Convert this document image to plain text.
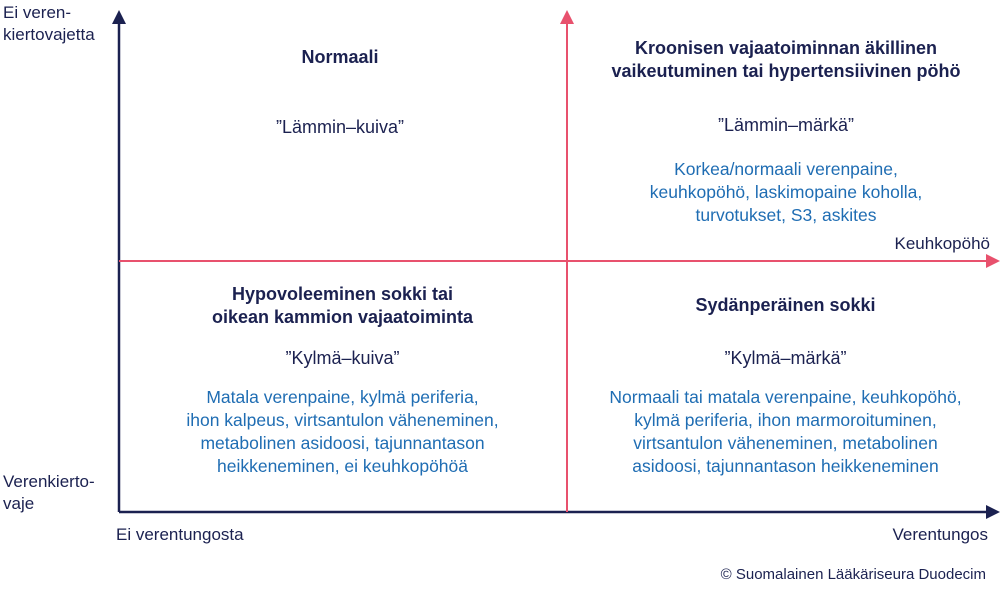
Ei veren-
kiertovajetta
Verenkierto-
vaje
Ei verentungosta	Verentungos
Keuhkopöhö
Normaali
”Lämmin–kuiva”
Kroonisen vajaatoiminnan äkillinen
vaikeutuminen tai hypertensiivinen pöhö
”Lämmin–märkä”
Korkea/normaali verenpaine,
keuhkopöhö, laskimopaine koholla,
turvotukset, S3, askites
Hypovoleeminen sokki tai
oikean kammion vajaatoiminta
”Kylmä–kuiva”
Matala verenpaine, kylmä periferia,
ihon kalpeus, virtsantulon väheneminen,
metabolinen asidoosi, tajunnantason
heikkeneminen, ei keuhkopöhöä
Sydänperäinen sokki
”Kylmä–märkä”
Normaali tai matala verenpaine, keuhkopöhö,
kylmä periferia, ihon marmoroituminen,
virtsantulon väheneminen, metabolinen
asidoosi, tajunnantason heikkeneminen
© Suomalainen Lääkäriseura Duodecim
